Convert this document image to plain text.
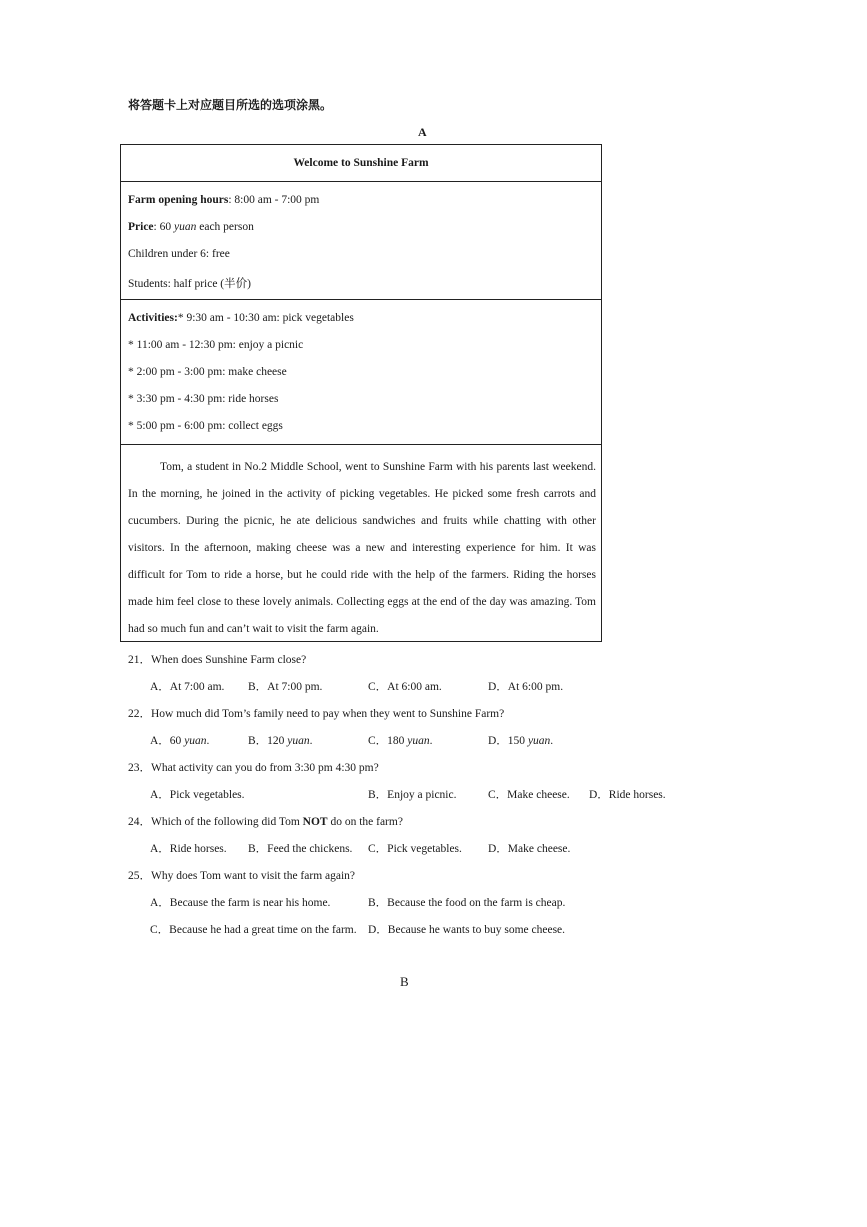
将答题卡上对应题目所选的选项涂黑。
A
Welcome to Sunshine Farm
Farm opening hours: 8:00 am - 7:00 pm
Price: 60 yuan each person
Children under 6: free
Students: half price (半价)
Activities:* 9:30 am - 10:30 am: pick vegetables
* 11:00 am - 12:30 pm: enjoy a picnic
* 2:00 pm - 3:00 pm: make cheese
* 3:30 pm - 4:30 pm: ride horses
* 5:00 pm - 6:00 pm: collect eggs
Tom, a student in No.2 Middle School, went to Sunshine Farm with his parents last weekend. In the morning, he joined in the activity of picking vegetables. He picked some fresh carrots and cucumbers. During the picnic, he ate delicious sandwiches and fruits while chatting with other visitors. In the afternoon, making cheese was a new and interesting experience for him. It was difficult for Tom to ride a horse, but he could ride with the help of the farmers. Riding the horses made him feel close to these lovely animals. Collecting eggs at the end of the day was amazing. Tom had so much fun and can’t wait to visit the farm again.
21．When does Sunshine Farm close?
A．At 7:00 am. B．At 7:00 pm.	C．At 6:00 am.	D．At 6:00 pm.
22．How much did Tom’s family need to pay when they went to Sunshine Farm?
A．60 yuan.	B．120 yuan.	C．180 yuan.	D．150 yuan.
23．What activity can you do from 3:30 pm 4:30 pm?
A．Pick vegetables.	B．Enjoy a picnic.	C．Make cheese. D．Ride horses.
24．Which of the following did Tom NOT do on the farm?
A．Ride horses. B．Feed the chickens. C．Pick vegetables. D．Make cheese.
25．Why does Tom want to visit the farm again?
A．Because the farm is near his home.	B．Because the food on the farm is cheap.
C．Because he had a great time on the farm. D．Because he wants to buy some cheese.
B
